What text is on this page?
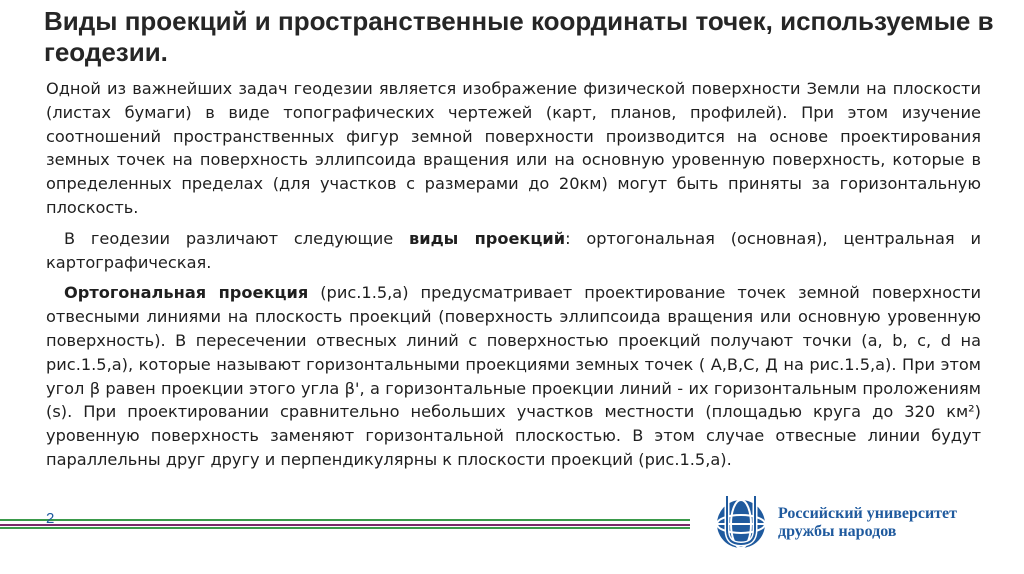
Виды проекций и пространственные координаты точек, используемые в геодезии.

Одной из важнейших задач геодезии является изображение физической поверхности Земли на плоскости (листах бумаги) в виде топографических чертежей (карт, планов, профилей). При этом изучение соотношений пространственных фигур земной поверхности производится на основе проектирования земных точек на поверхность эллипсоида вращения или на основную уровенную поверхность, которые в определенных пределах (для участков с размерами до 20км) могут быть приняты за горизонтальную плоскость.

В геодезии различают следующие виды проекций: ортогональная (основная), центральная и картографическая.

Ортогональная проекция (рис.1.5,а) предусматривает проектирование точек земной поверхности отвесными линиями на плоскость проекций (поверхность эллипсоида вращения или основную уровенную поверхность). В пересечении отвесных линий с поверхностью проекций получают точки (a, b, c, d на рис.1.5,а), которые называют горизонтальными проекциями земных точек ( А,В,С, Д на рис.1.5,а). При этом угол β равен проекции этого угла β', а горизонтальные проекции линий - их горизонтальным проложениям (s). При проектировании сравнительно небольших участков местности (площадью круга до 320 км²) уровенную поверхность заменяют горизонтальной плоскостью. В этом случае отвесные линии будут параллельны друг другу и перпендикулярны к плоскости проекций (рис.1.5,а).

2	Российский университет
дружбы народов
